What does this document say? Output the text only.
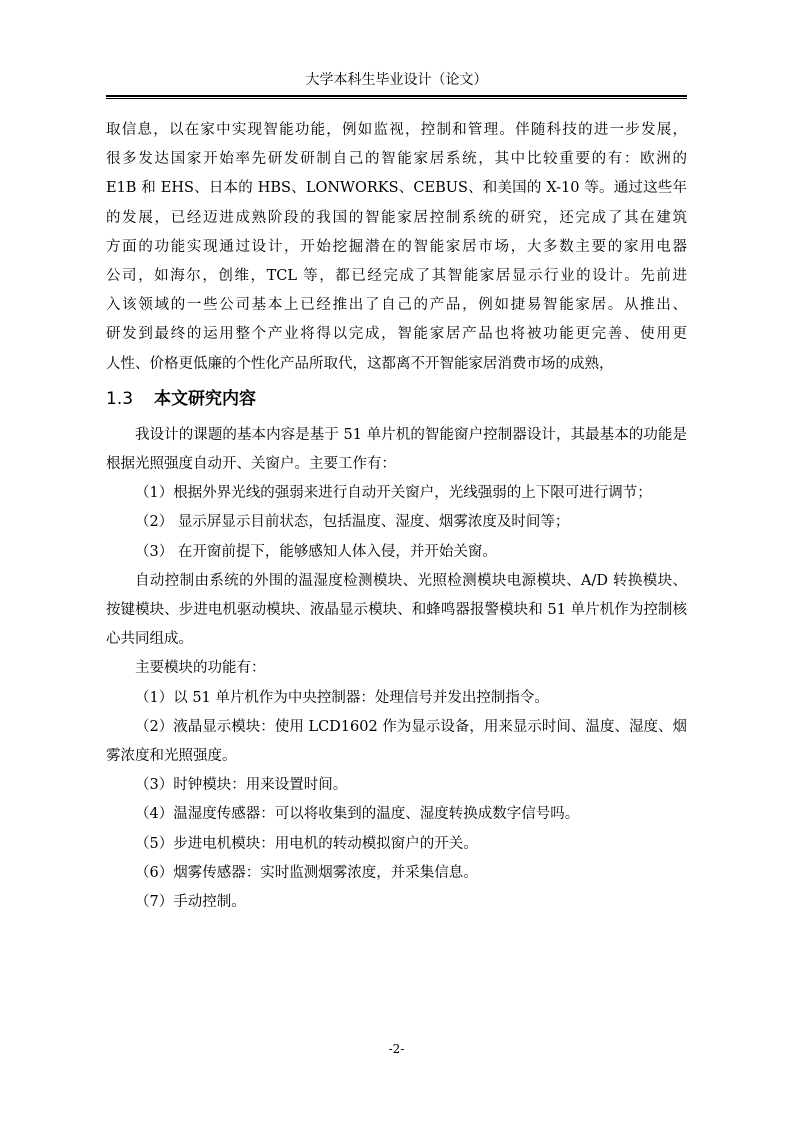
大学本科生毕业设计（论文）

取信息，以在家中实现智能功能，例如监视，控制和管理。伴随科技的进一步发展，

很多发达国家开始率先研发研制自己的智能家居系统，其中比较重要的有：欧洲的

E1B 和 EHS、日本的 HBS、LONWORKS、CEBUS、和美国的 X-10 等。通过这些年

的发展，已经迈进成熟阶段的我国的智能家居控制系统的研究，还完成了其在建筑

方面的功能实现通过设计，开始挖掘潜在的智能家居市场，大多数主要的家用电器

公司，如海尔，创维，TCL 等，都已经完成了其智能家居显示行业的设计。先前进

入该领域的一些公司基本上已经推出了自己的产品，例如捷易智能家居。从推出、

研发到最终的运用整个产业将得以完成，智能家居产品也将被功能更完善、使用更

人性、价格更低廉的个性化产品所取代，这都离不开智能家居消费市场的成熟，

1.3 本文研究内容

我设计的课题的基本内容是基于 51 单片机的智能窗户控制器设计，其最基本的功能是根据光照强度自动开、关窗户。主要工作有：

（1）根据外界光线的强弱来进行自动开关窗户，光线强弱的上下限可进行调节；

（2） 显示屏显示目前状态，包括温度、湿度、烟雾浓度及时间等；

（3） 在开窗前提下，能够感知人体入侵，并开始关窗。

自动控制由系统的外围的温湿度检测模块、光照检测模块电源模块、A/D 转换模块、按键模块、步进电机驱动模块、液晶显示模块、和蜂鸣器报警模块和 51 单片机作为控制核心共同组成。

主要模块的功能有：

（1）以 51 单片机作为中央控制器：处理信号并发出控制指令。

（2）液晶显示模块：使用 LCD1602 作为显示设备，用来显示时间、温度、湿度、烟雾浓度和光照强度。

（3）时钟模块：用来设置时间。

（4）温湿度传感器：可以将收集到的温度、湿度转换成数字信号吗。

（5）步进电机模块：用电机的转动模拟窗户的开关。

（6）烟雾传感器：实时监测烟雾浓度，并采集信息。

（7）手动控制。

-2-
